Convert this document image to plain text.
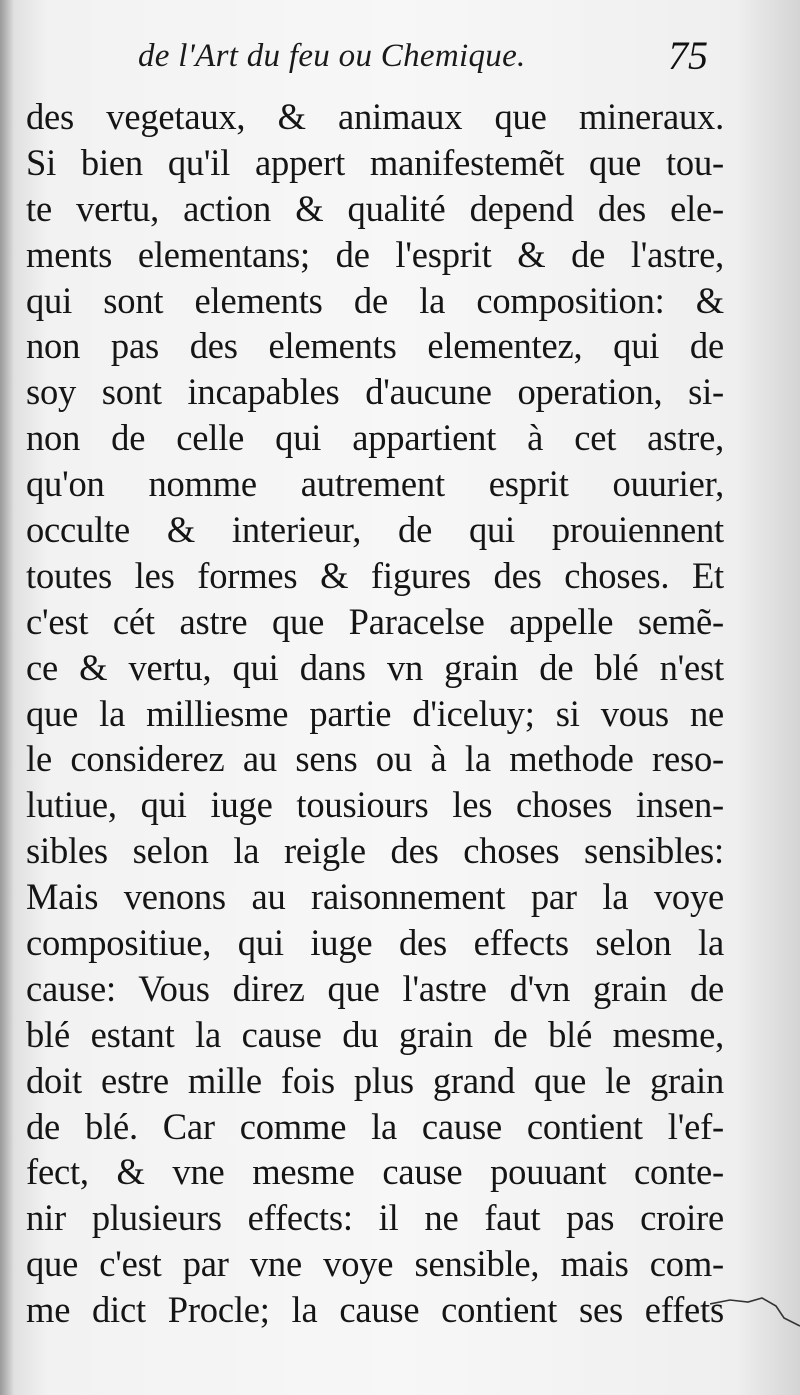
de l'Art du feu ou Chemique.	75
des vegetaux, & animaux que mineraux.
Si bien qu'il appert manifestemẽt que tou-
te vertu, action & qualité depend des ele-
ments elementans; de l'esprit & de l'astre,
qui sont elements de la composition: &
non pas des elements elementez, qui de
soy sont incapables d'aucune operation, si-
non de celle qui appartient à cet astre,
qu'on nomme autrement esprit ouurier,
occulte & interieur, de qui prouiennent
toutes les formes & figures des choses. Et
c'est cét astre que Paracelse appelle semẽ-
ce & vertu, qui dans vn grain de blé n'est
que la milliesme partie d'iceluy; si vous ne
le considerez au sens ou à la methode reso-
lutiue, qui iuge tousiours les choses insen-
sibles selon la reigle des choses sensibles:
Mais venons au raisonnement par la voye
compositiue, qui iuge des effects selon la
cause: Vous direz que l'astre d'vn grain de
blé estant la cause du grain de blé mesme,
doit estre mille fois plus grand que le grain
de blé. Car comme la cause contient l'ef-
fect, & vne mesme cause pouuant conte-
nir plusieurs effects: il ne faut pas croire
que c'est par vne voye sensible, mais com-
me dict Procle; la cause contient ses effets
